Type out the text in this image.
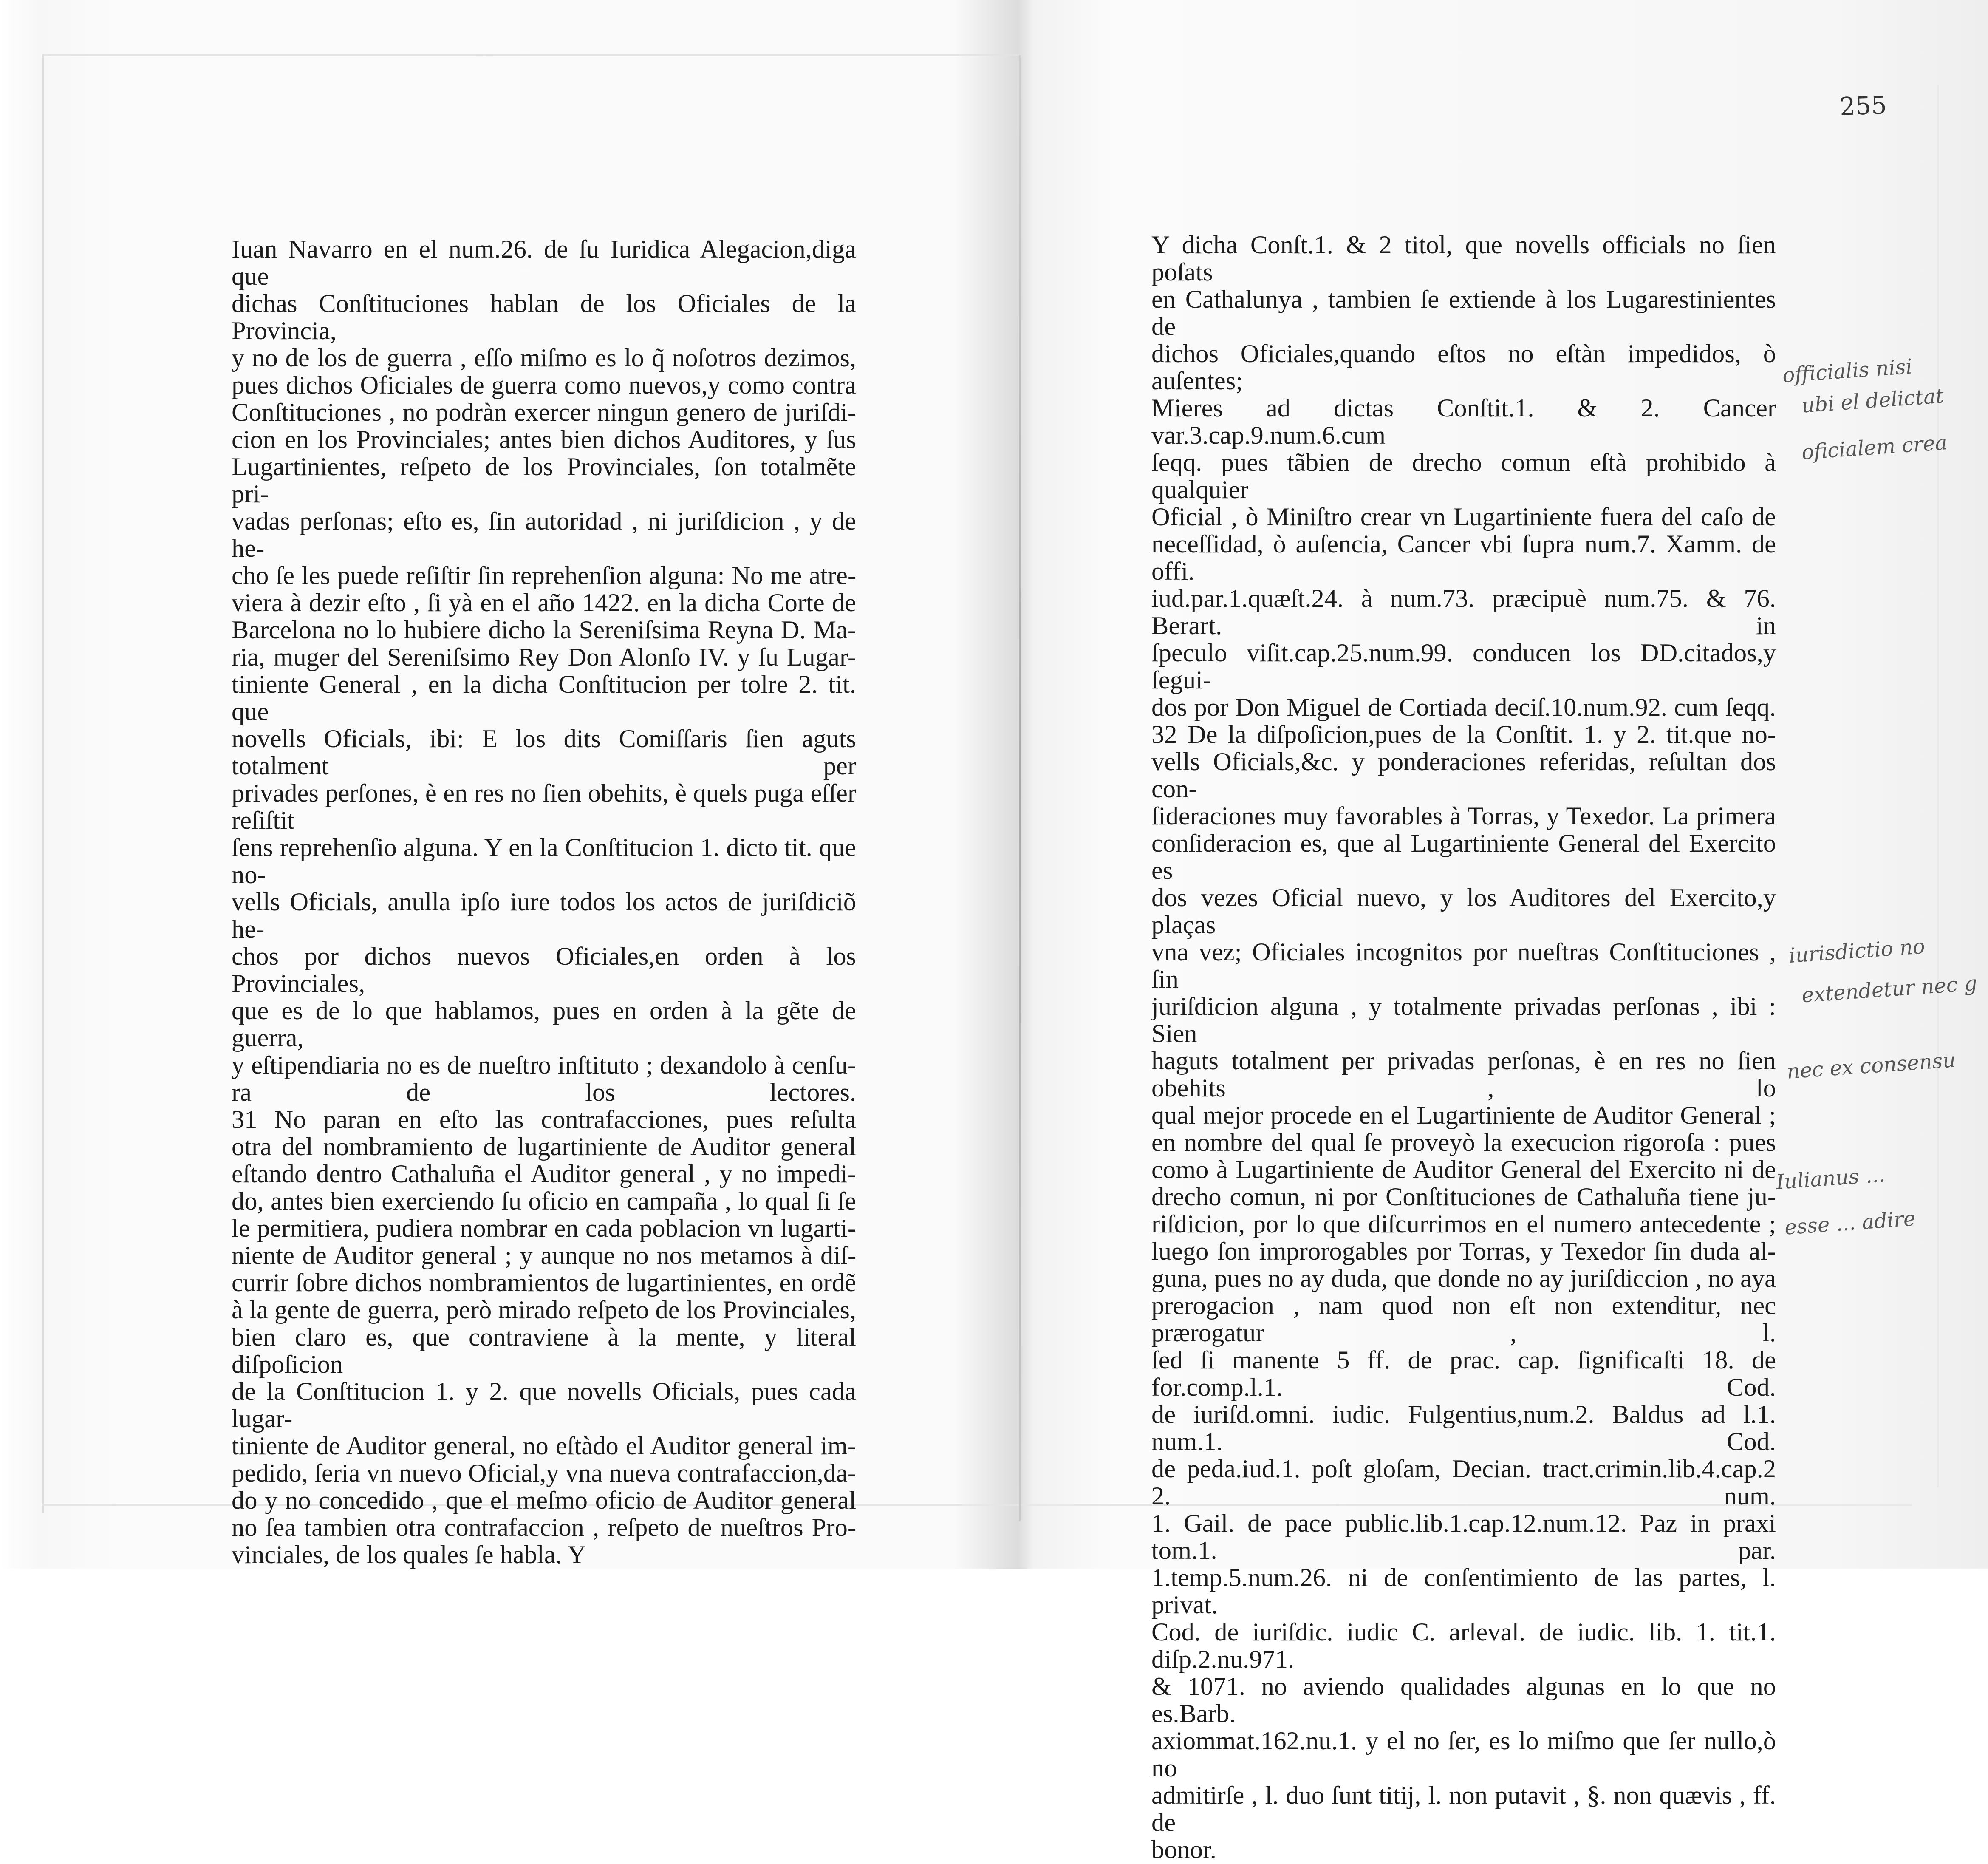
255
Iuan Navarro en el num.26. de ſu Iuridica Alegacion,diga que
dichas Conſtituciones hablan de los Oficiales de la Provincia,
y no de los de guerra , eſſo miſmo es lo q̃ noſotros dezimos,
pues dichos Oficiales de guerra como nuevos,y como contra
Conſtituciones , no podràn exercer ningun genero de juriſdi-
cion en los Provinciales; antes bien dichos Auditores, y ſus
Lugartinientes, reſpeto de los Provinciales, ſon totalmẽte pri-
vadas perſonas; eſto es, ſin autoridad , ni juriſdicion , y de he-
cho ſe les puede reſiſtir ſin reprehenſion alguna: No me atre-
viera à dezir eſto , ſi yà en el año 1422. en la dicha Corte de
Barcelona no lo hubiere dicho la Sereniſsima Reyna D. Ma-
ria, muger del Sereniſsimo Rey Don Alonſo IV. y ſu Lugar-
tiniente General , en la dicha Conſtitucion per tolre 2. tit. que
novells Oficials, ibi: E los dits Comiſſaris ſien aguts totalment per
privades perſones, è en res no ſien obehits, è quels puga eſſer reſiſtit
ſens reprehenſio alguna. Y en la Conſtitucion 1. dicto tit. que no-
vells Oficials, anulla ipſo iure todos los actos de juriſdiciõ he-
chos por dichos nuevos Oficiales,en orden à los Provinciales,
que es de lo que hablamos, pues en orden à la gẽte de guerra,
y eſtipendiaria no es de nueſtro inſtituto ; dexandolo à cenſu-
ra de los lectores.
31 No paran en eſto las contrafacciones, pues reſulta
otra del nombramiento de lugartiniente de Auditor general
eſtando dentro Cathaluña el Auditor general , y no impedi-
do, antes bien exerciendo ſu oficio en campaña , lo qual ſi ſe
le permitiera, pudiera nombrar en cada poblacion vn lugarti-
niente de Auditor general ; y aunque no nos metamos à diſ-
currir ſobre dichos nombramientos de lugartinientes, en ordẽ
à la gente de guerra, però mirado reſpeto de los Provinciales,
bien claro es, que contraviene à la mente, y literal diſpoſicion
de la Conſtitucion 1. y 2. que novells Oficials, pues cada lugar-
tiniente de Auditor general, no eſtàdo el Auditor general im-
pedido, ſeria vn nuevo Oficial,y vna nueva contrafaccion,da-
do y no concedido , que el meſmo oficio de Auditor general
no ſea tambien otra contrafaccion , reſpeto de nueſtros Pro-
vinciales, de los quales ſe habla. Y
Y dicha Conſt.1. & 2 titol, que novells officials no ſien poſats
en Cathalunya , tambien ſe extiende à los Lugarestinientes de
dichos Oficiales,quando eſtos no eſtàn impedidos, ò auſentes;
Mieres ad dictas Conſtit.1. & 2. Cancer var.3.cap.9.num.6.cum
ſeqq. pues tãbien de drecho comun eſtà prohibido à qualquier
Oficial , ò Miniſtro crear vn Lugartiniente fuera del caſo de
neceſſidad, ò auſencia, Cancer vbi ſupra num.7. Xamm. de offi.
iud.par.1.quæſt.24. à num.73. præcipuè num.75. & 76. Berart. in
ſpeculo viſit.cap.25.num.99. conducen los DD.citados,y ſegui-
dos por Don Miguel de Cortiada deciſ.10.num.92. cum ſeqq.
32 De la diſpoſicion,pues de la Conſtit. 1. y 2. tit.que no-
vells Oficials,&c. y ponderaciones referidas, reſultan dos con-
ſideraciones muy favorables à Torras, y Texedor. La primera
conſideracion es, que al Lugartiniente General del Exercito es
dos vezes Oficial nuevo, y los Auditores del Exercito,y plaças
vna vez; Oficiales incognitos por nueſtras Conſtituciones , ſin
juriſdicion alguna , y totalmente privadas perſonas , ibi : Sien
haguts totalment per privadas perſonas, è en res no ſien obehits , lo
qual mejor procede en el Lugartiniente de Auditor General ;
en nombre del qual ſe proveyò la execucion rigoroſa : pues
como à Lugartiniente de Auditor General del Exercito ni de
drecho comun, ni por Conſtituciones de Cathaluña tiene ju-
riſdicion, por lo que diſcurrimos en el numero antecedente ;
luego ſon improrogables por Torras, y Texedor ſin duda al-
guna, pues no ay duda, que donde no ay juriſdiccion , no aya
prerogacion , nam quod non eſt non extenditur, nec prærogatur , l.
ſed ſi manente 5 ff. de prac. cap. ſignificaſti 18. de for.comp.l.1. Cod.
de iuriſd.omni. iudic. Fulgentius,num.2. Baldus ad l.1. num.1. Cod.
de peda.iud.1. poſt gloſam, Decian. tract.crimin.lib.4.cap.2 2. num.
1. Gail. de pace public.lib.1.cap.12.num.12. Paz in praxi tom.1. par.
1.temp.5.num.26. ni de conſentimiento de las partes, l. privat.
Cod. de iuriſdic. iudic C. arleval. de iudic. lib. 1. tit.1. diſp.2.nu.971.
& 1071. no aviendo qualidades algunas en lo que no es.Barb.
axiommat.162.nu.1. y el no ſer, es lo miſmo que ſer nullo,ò no
admitirſe , l. duo ſunt titij, l. non putavit , §. non quævis , ff. de
bonor.
officialis nisi
ubi el delictat
oficialem crea
iurisdictio no
extendetur nec g
nec ex consensu
Iulianus ...
esse ... adire
